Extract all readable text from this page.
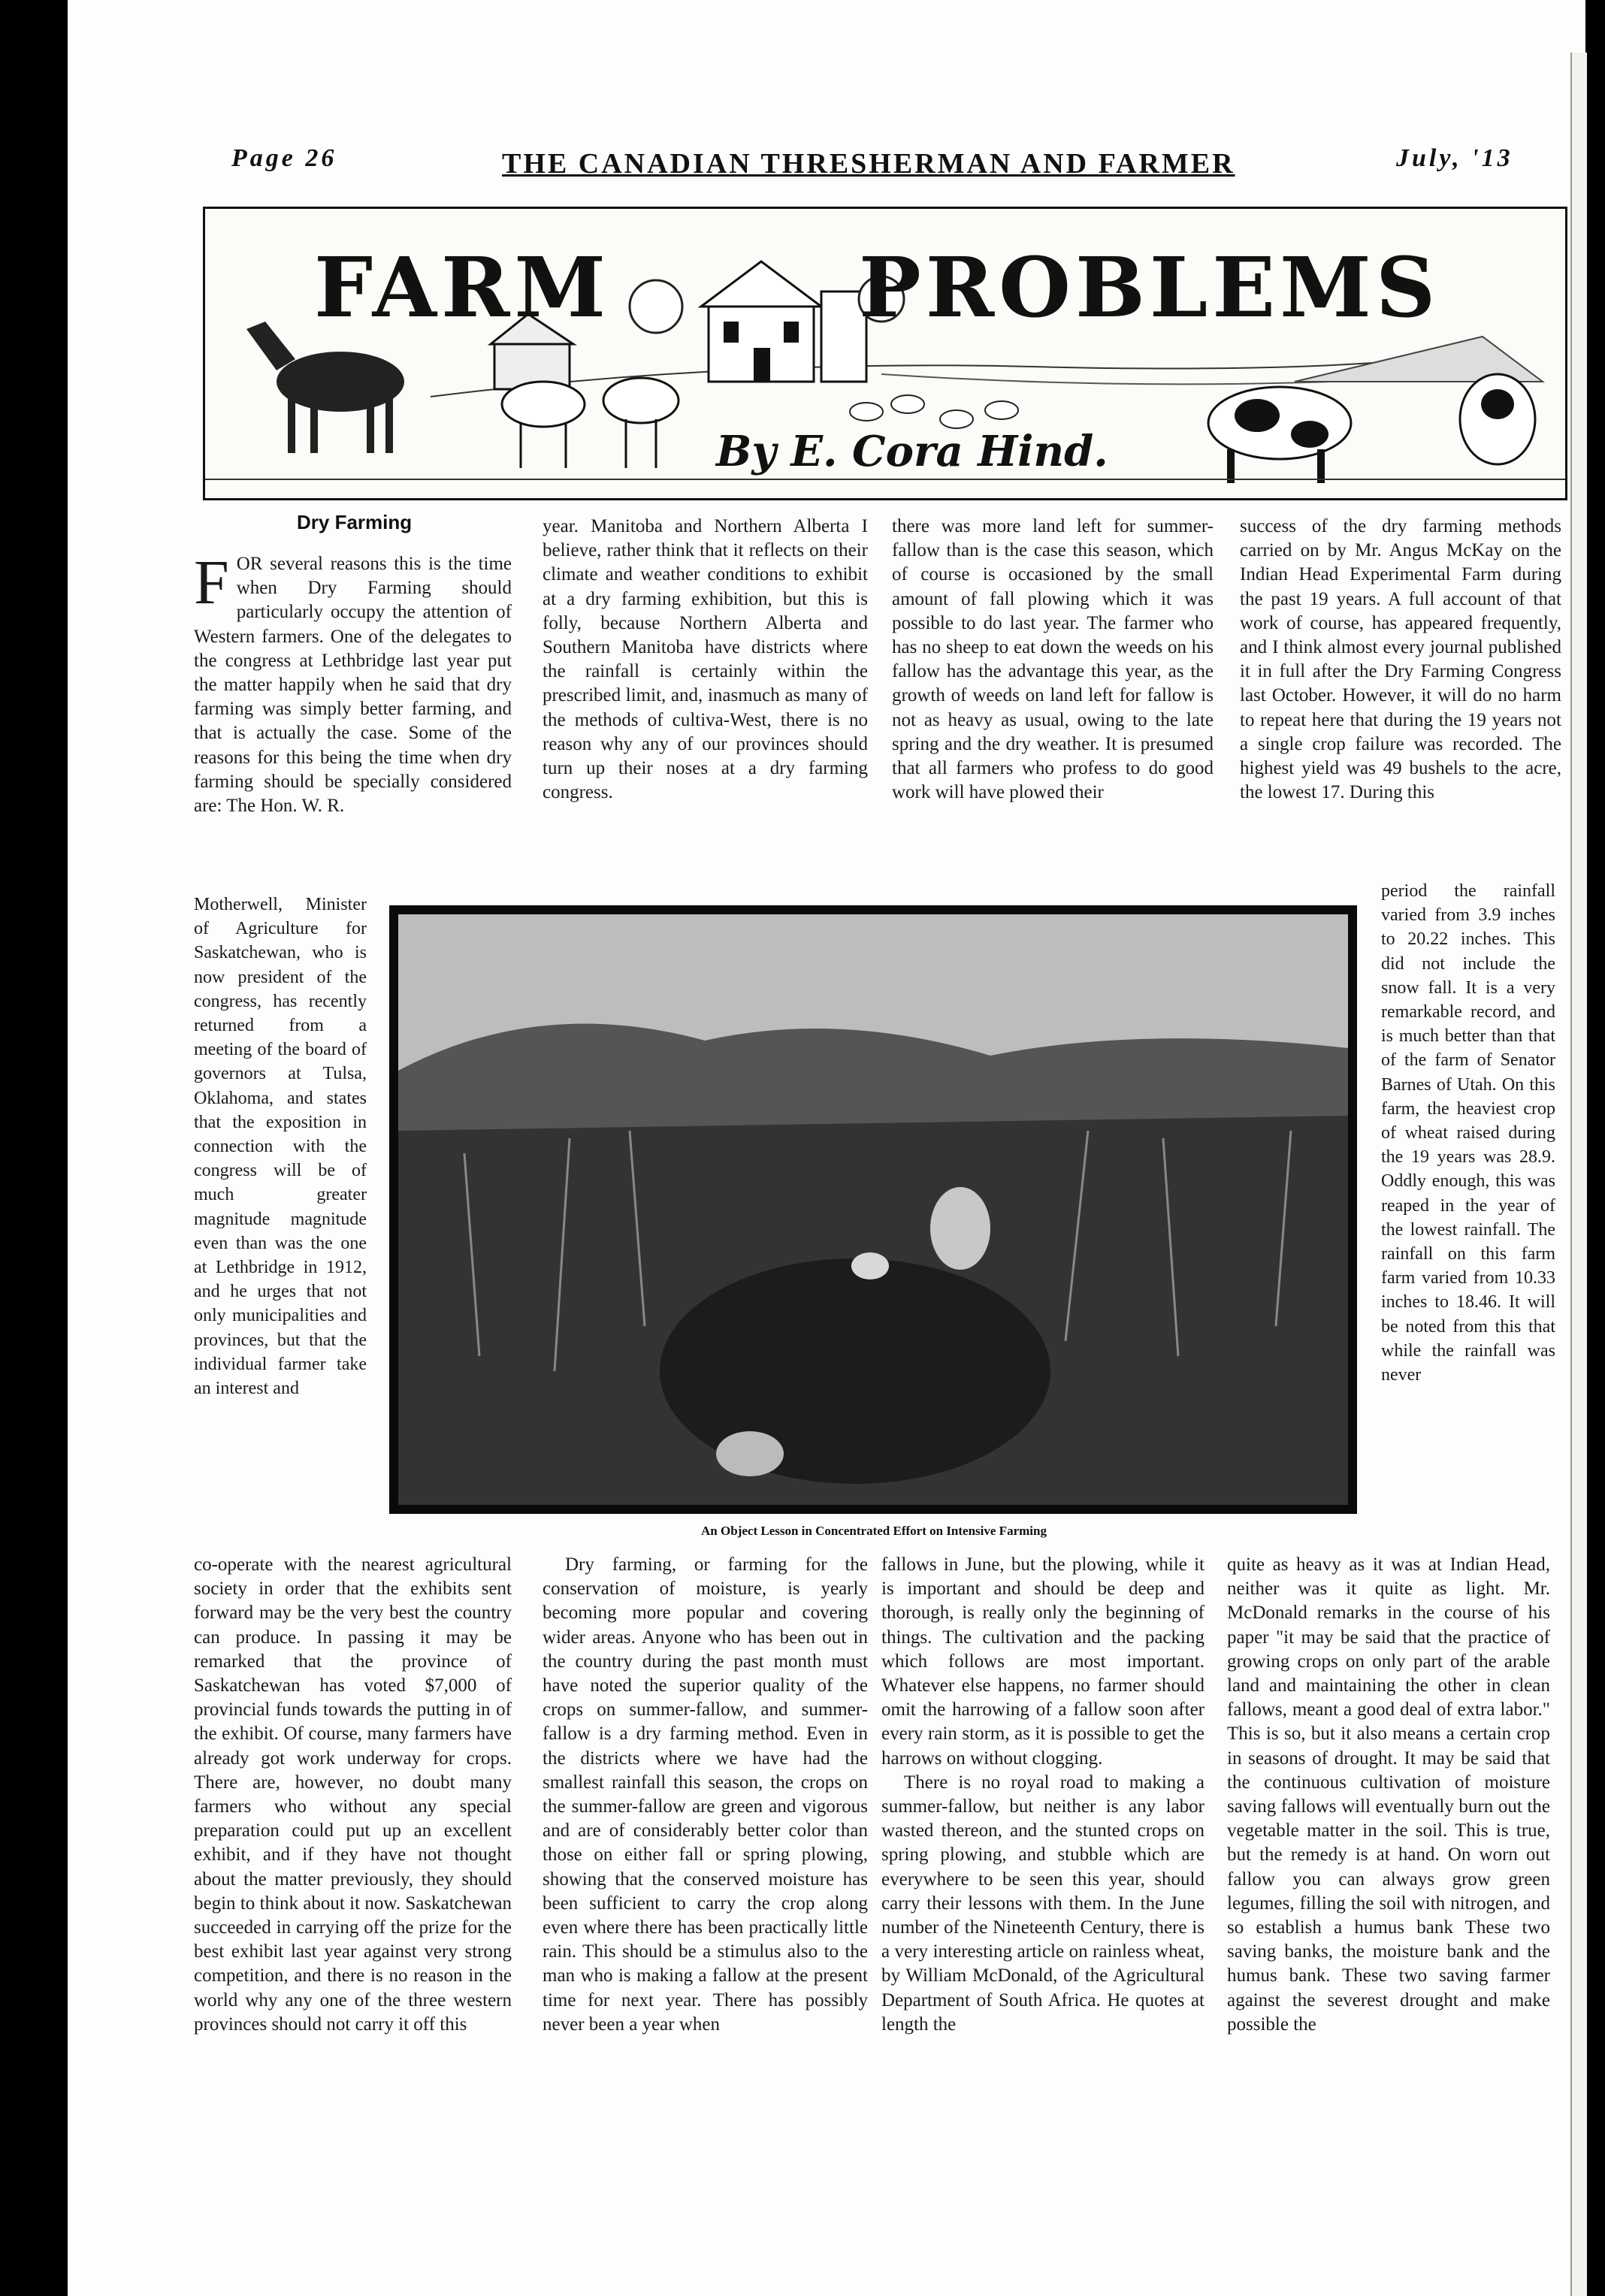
Page 26	THE CANADIAN THRESHERMAN AND FARMER	July, '13
FARM	PROBLEMS
By E. Cora Hind.
Dry Farming
F OR several reasons this is the time when Dry Farming should particularly occupy the attention of Western farmers. One of the delegates to the congress at Lethbridge last year put the matter happily when he said that dry farming was simply better farming, and that is actually the case. Some of the reasons for this being the time when dry farming should be specially considered are: The Hon. W. R.

Motherwell, Minister of Agriculture for Saskatchewan, who is now president of the congress, has recently returned from a meeting of the board of governors at Tulsa, Oklahoma, and states that the exposition in connection with the congress will be of much greater magnitude magnitude even than was the one at Lethbridge in 1912, and he urges that not only municipalities and provinces, but that the individual farmer take an interest and

co-operate with the nearest agricultural society in order that the exhibits sent forward may be the very best the country can produce. In passing it may be remarked that the province of Saskatchewan has voted $7,000 of provincial funds towards the putting in of the exhibit. Of course, many farmers have already got work underway for crops. There are, however, no doubt many farmers who without any special preparation could put up an excellent exhibit, and if they have not thought about the matter previously, they should begin to think about it now. Saskatchewan succeeded in carrying off the prize for the best exhibit last year against very strong competition, and there is no reason in the world why any one of the three western provinces should not carry it off this

year. Manitoba and Northern Alberta I believe, rather think that it reflects on their climate and weather conditions to exhibit at a dry farming exhibition, but this is folly, because Northern Alberta and Southern Manitoba have districts where the rainfall is certainly within the prescribed limit, and, inasmuch as many of the methods of cultiva-West, there is no reason why any of our provinces should turn up their noses at a dry farming congress.

Dry farming, or farming for the conservation of moisture, is yearly becoming more popular and covering wider areas. Anyone who has been out in the country during the past month must have noted the superior quality of the crops on summer-fallow, and summer-fallow is a dry farming method. Even in the districts where we have had the smallest rainfall this season, the crops on the summer-fallow are green and vigorous and are of considerably better color than those on either fall or spring plowing, showing that the conserved moisture has been sufficient to carry the crop along even where there has been practically little rain. This should be a stimulus also to the man who is making a fallow at the present time for next year. There has possibly never been a year when

there was more land left for summer-fallow than is the case this season, which of course is occasioned by the small amount of fall plowing which it was possible to do last year. The farmer who has no sheep to eat down the weeds on his fallow has the advantage this year, as the growth of weeds on land left for fallow is not as heavy as usual, owing to the late spring and the dry weather. It is presumed that all farmers who profess to do good work will have plowed their

fallows in June, but the plowing, while it is important and should be deep and thorough, is really only the beginning of things. The cultivation and the packing which follows are most important. Whatever else happens, no farmer should omit the harrowing of a fallow soon after every rain storm, as it is possible to get the harrows on without clogging.

There is no royal road to making a summer-fallow, but neither is any labor wasted thereon, and the stunted crops on spring plowing, and stubble which are everywhere to be seen this year, should carry their lessons with them. In the June number of the Nineteenth Century, there is a very interesting article on rainless wheat, by William McDonald, of the Agricultural Department of South Africa. He quotes at length the

success of the dry farming methods carried on by Mr. Angus McKay on the Indian Head Experimental Farm during the past 19 years. A full account of that work of course, has appeared frequently, and I think almost every journal published it in full after the Dry Farming Congress last October. However, it will do no harm to repeat here that during the 19 years not a single crop failure was recorded. The highest yield was 49 bushels to the acre, the lowest 17. During this

period the rainfall varied from 3.9 inches to 20.22 inches. This did not include the snow fall. It is a very remarkable record, and is much better than that of the farm of Senator Barnes of Utah. On this farm, the heaviest crop of wheat raised during the 19 years was 28.9. Oddly enough, this was reaped in the year of the lowest rainfall. The rainfall on this farm farm varied from 10.33 inches to 18.46. It will be noted from this that while the rainfall was never

quite as heavy as it was at Indian Head, neither was it quite as light. Mr. McDonald remarks in the course of his paper "it may be said that the practice of growing crops on only part of the arable land and maintaining the other in clean fallows, meant a good deal of extra labor." This is so, but it also means a certain crop in seasons of drought. It may be said that the continuous cultivation of moisture saving fallows will eventually burn out the vegetable matter in the soil. This is true, but the remedy is at hand. On worn out fallow you can always grow green legumes, filling the soil with nitrogen, and so establish a humus bank These two saving banks, the moisture bank and the humus bank. These two saving farmer against the severest drought and make possible the

An Object Lesson in Concentrated Effort on Intensive Farming
